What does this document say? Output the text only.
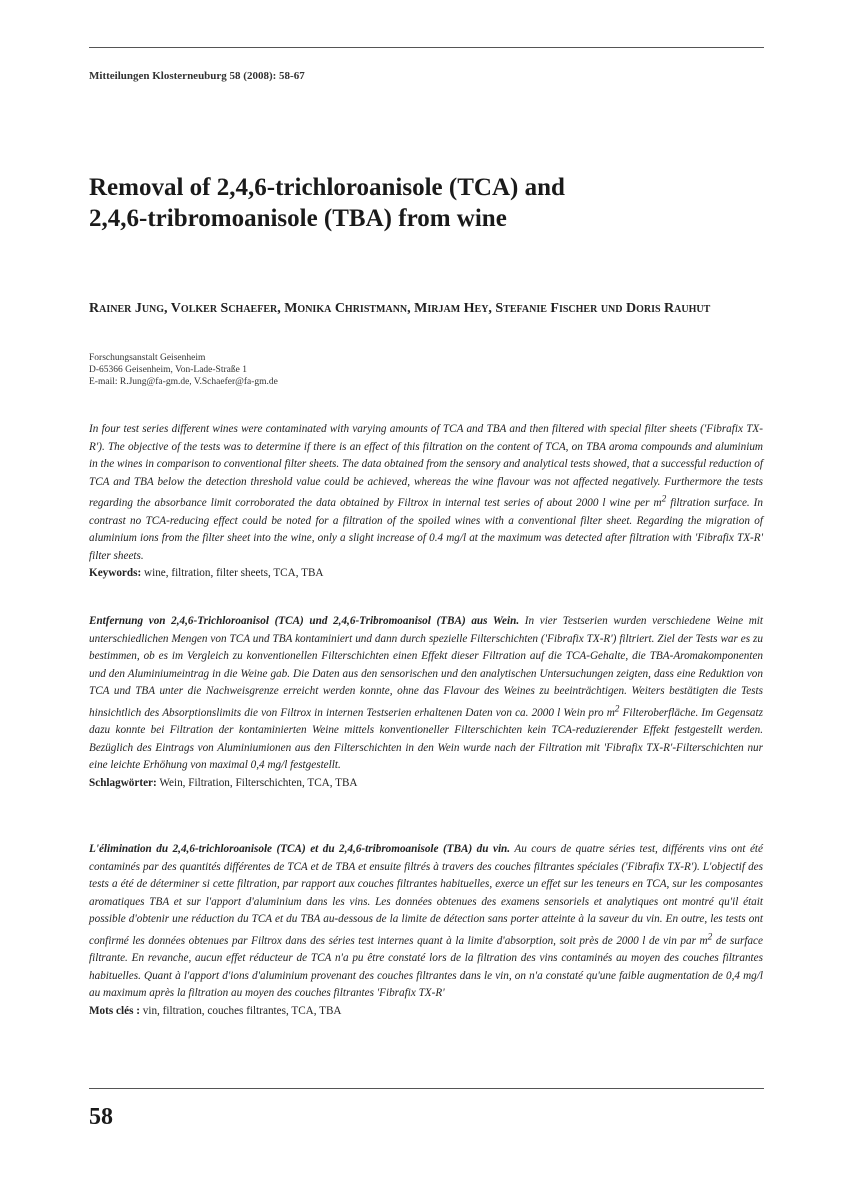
Mitteilungen Klosterneuburg 58 (2008): 58-67
Removal of 2,4,6-trichloroanisole (TCA) and
2,4,6-tribromoanisole (TBA) from wine
Rainer Jung, Volker Schaefer, Monika Christmann, Mirjam Hey, Stefanie Fischer und Doris Rauhut
Forschungsanstalt Geisenheim
D-65366 Geisenheim, Von-Lade-Straße 1
E-mail: R.Jung@fa-gm.de, V.Schaefer@fa-gm.de
In four test series different wines were contaminated with varying amounts of TCA and TBA and then filtered with special filter sheets ('Fibrafix TX-R'). The objective of the tests was to determine if there is an effect of this filtration on the content of TCA, on TBA aroma compounds and aluminium in the wines in comparison to conventional filter sheets. The data obtained from the sensory and analytical tests showed, that a successful reduction of TCA and TBA below the detection threshold value could be achieved, whereas the wine flavour was not affected negatively. Furthermore the tests regarding the absorbance limit corroborated the data obtained by Filtrox in internal test series of about 2000 l wine per $m^2$ filtration surface. In contrast no TCA-reducing effect could be noted for a filtration of the spoiled wines with a conventional filter sheet. Regarding the migration of aluminium ions from the filter sheet into the wine, only a slight increase of 0.4 mg/l at the maximum was detected after filtration with 'Fibrafix TX-R' filter sheets.
Keywords: wine, filtration, filter sheets, TCA, TBA
Entfernung von 2,4,6-Trichloroanisol (TCA) und 2,4,6-Tribromoanisol (TBA) aus Wein. In vier Testserien wurden verschiedene Weine mit unterschiedlichen Mengen von TCA und TBA kontaminiert und dann durch spezielle Filterschichten ('Fibrafix TX-R') filtriert. Ziel der Tests war es zu bestimmen, ob es im Vergleich zu konventionellen Filterschichten einen Effekt dieser Filtration auf die TCA-Gehalte, die TBA-Aromakomponenten und den Aluminiumeintrag in die Weine gab. Die Daten aus den sensorischen und den analytischen Untersuchungen zeigten, dass eine Reduktion von TCA und TBA unter die Nachweisgrenze erreicht werden konnte, ohne das Flavour des Weines zu beeinträchtigen. Weiters bestätigten die Tests hinsichtlich des Absorptionslimits die von Filtrox in internen Testserien erhaltenen Daten von ca. 2000 l Wein pro $m^2$ Filteroberfläche. Im Gegensatz dazu konnte bei Filtration der kontaminierten Weine mittels konventioneller Filterschichten kein TCA-reduzierender Effekt festgestellt werden. Bezüglich des Eintrags von Aluminiumionen aus den Filterschichten in den Wein wurde nach der Filtration mit 'Fibrafix TX-R'-Filterschichten nur eine leichte Erhöhung von maximal 0,4 mg/l festgestellt.
Schlagwörter: Wein, Filtration, Filterschichten, TCA, TBA
L'élimination du 2,4,6-trichloroanisole (TCA) et du 2,4,6-tribromoanisole (TBA) du vin. Au cours de quatre séries test, différents vins ont été contaminés par des quantités différentes de TCA et de TBA et ensuite filtrés à travers des couches filtrantes spéciales ('Fibrafix TX-R'). L'objectif des tests a été de déterminer si cette filtration, par rapport aux couches filtrantes habituelles, exerce un effet sur les teneurs en TCA, sur les composantes aromatiques TBA et sur l'apport d'aluminium dans les vins. Les données obtenues des examens sensoriels et analytiques ont montré qu'il était possible d'obtenir une réduction du TCA et du TBA au-dessous de la limite de détection sans porter atteinte à la saveur du vin. En outre, les tests ont confirmé les données obtenues par Filtrox dans des séries test internes quant à la limite d'absorption, soit près de 2000 l de vin par $m^2$ de surface filtrante. En revanche, aucun effet réducteur de TCA n'a pu être constaté lors de la filtration des vins contaminés au moyen des couches filtrantes habituelles. Quant à l'apport d'ions d'aluminium provenant des couches filtrantes dans le vin, on n'a constaté qu'une faible augmentation de 0,4 mg/l au maximum après la filtration au moyen des couches filtrantes 'Fibrafix TX-R'
Mots clés : vin, filtration, couches filtrantes, TCA, TBA
58
